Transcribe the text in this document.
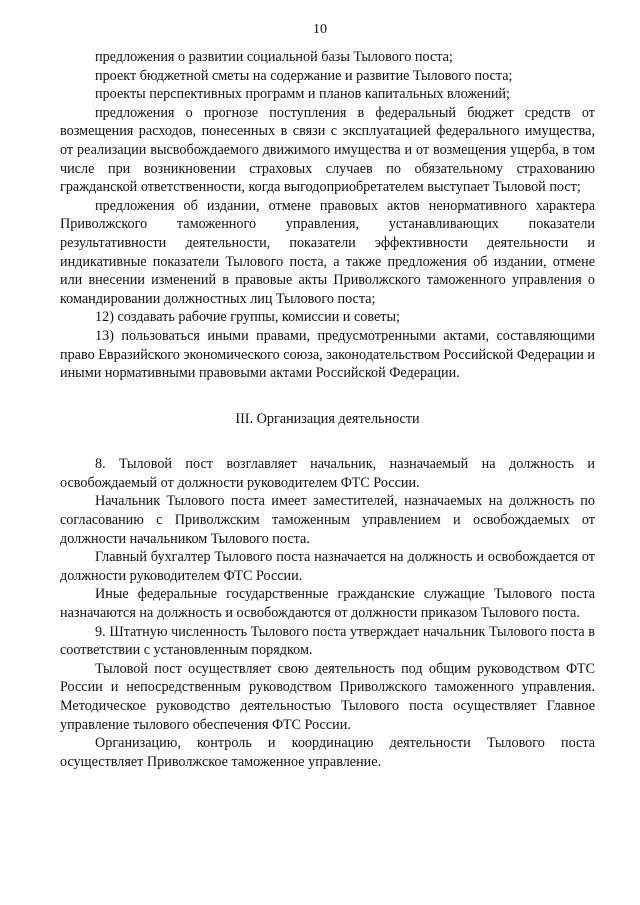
10

предложения о развитии социальной базы Тылового поста;

проект бюджетной сметы на содержание и развитие Тылового поста;

проекты перспективных программ и планов капитальных вложений;

предложения о прогнозе поступления в федеральный бюджет средств от возмещения расходов, понесенных в связи с эксплуатацией федерального имущества, от реализации высвобождаемого движимого имущества и от возмещения ущерба, в том числе при возникновении страховых случаев по обязательному страхованию гражданской ответственности, когда выгодоприобретателем выступает Тыловой пост;

предложения об издании, отмене правовых актов ненормативного характера Приволжского таможенного управления, устанавливающих показатели результативности деятельности, показатели эффективности деятельности и индикативные показатели Тылового поста, а также предложения об издании, отмене или внесении изменений в правовые акты Приволжского таможенного управления о командировании должностных лиц Тылового поста;

12) создавать рабочие группы, комиссии и советы;

13) пользоваться иными правами, предусмотренными актами, составляющими право Евразийского экономического союза, законодательством Российской Федерации и иными нормативными правовыми актами Российской Федерации.

III. Организация деятельности

8. Тыловой пост возглавляет начальник, назначаемый на должность и освобождаемый от должности руководителем ФТС России.

Начальник Тылового поста имеет заместителей, назначаемых на должность по согласованию с Приволжским таможенным управлением и освобождаемых от должности начальником Тылового поста.

Главный бухгалтер Тылового поста назначается на должность и освобождается от должности руководителем ФТС России.

Иные федеральные государственные гражданские служащие Тылового поста назначаются на должность и освобождаются от должности приказом Тылового поста.

9. Штатную численность Тылового поста утверждает начальник Тылового поста в соответствии с установленным порядком.

Тыловой пост осуществляет свою деятельность под общим руководством ФТС России и непосредственным руководством Приволжского таможенного управления. Методическое руководство деятельностью Тылового поста осуществляет Главное управление тылового обеспечения ФТС России.

Организацию, контроль и координацию деятельности Тылового поста осуществляет Приволжское таможенное управление.
